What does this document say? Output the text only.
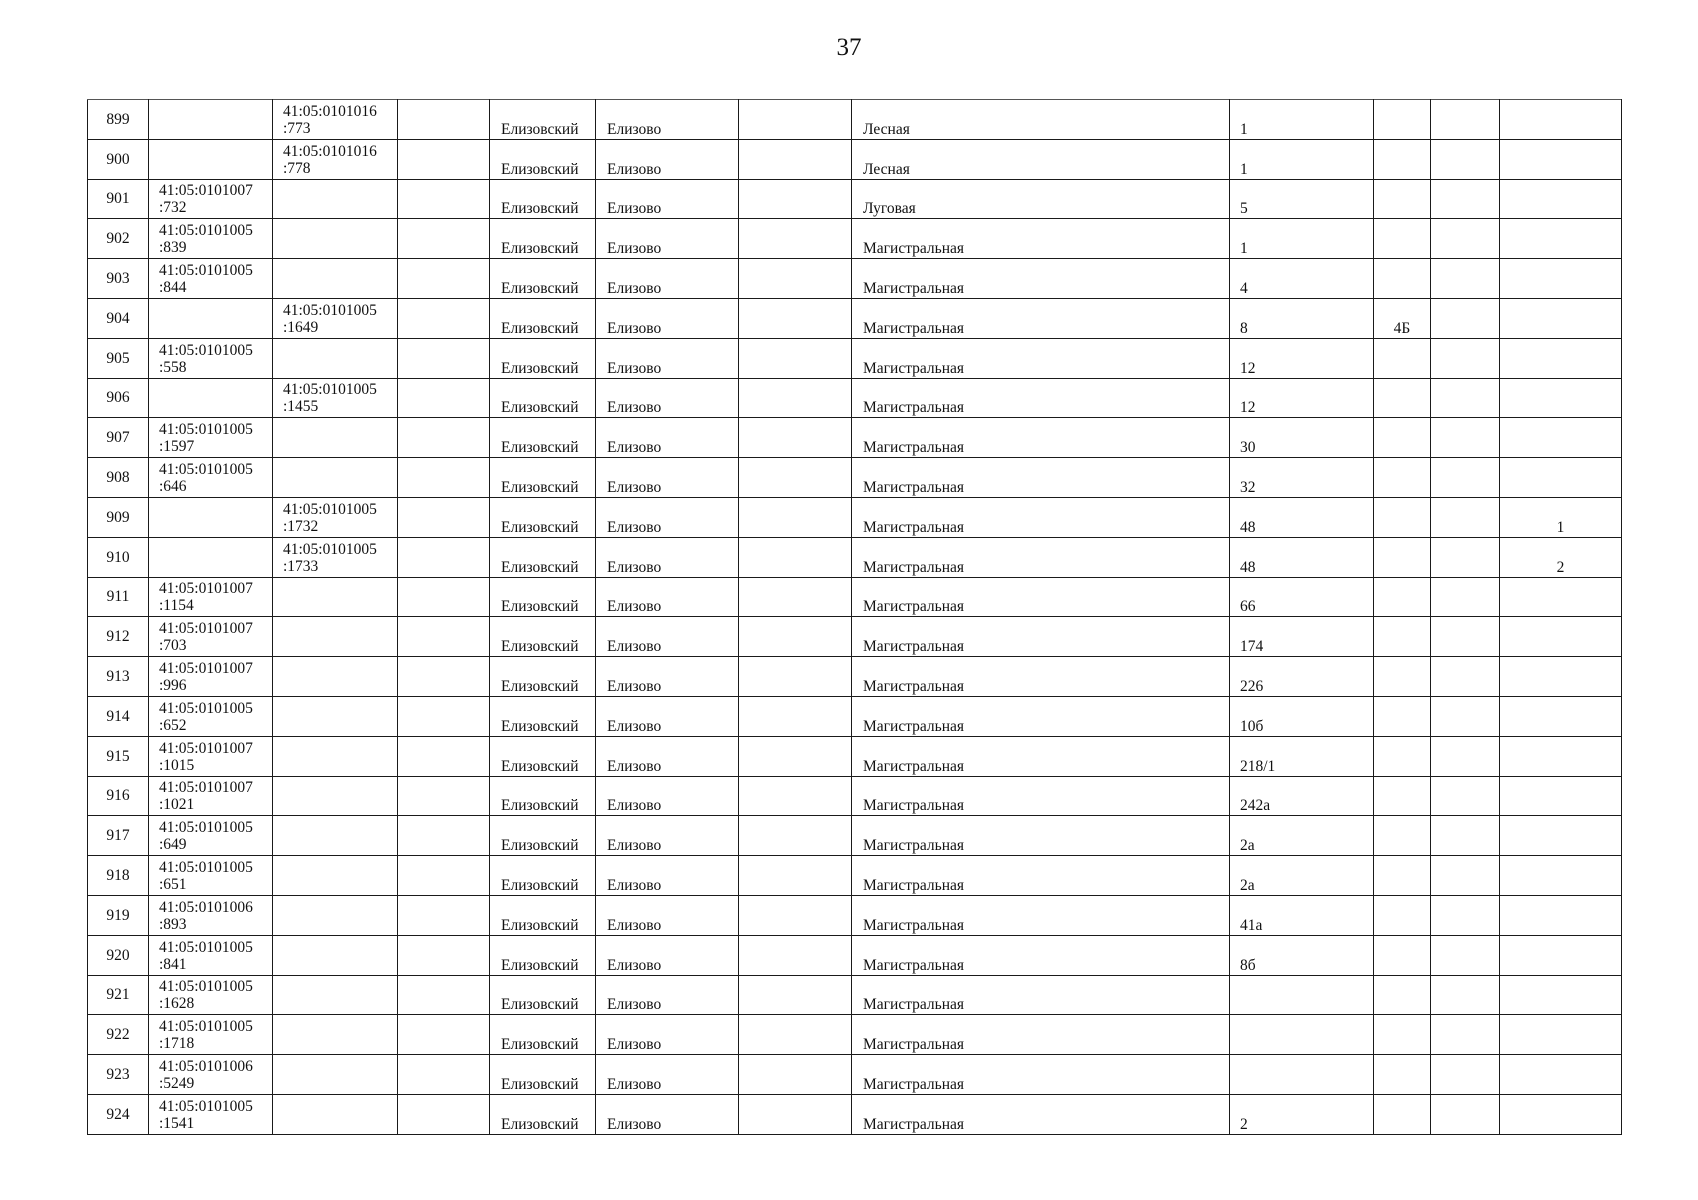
37
899		41:05:0101016
:773		Елизовский	Елизово		Лесная	1			
900		41:05:0101016
:778		Елизовский	Елизово		Лесная	1			
901	41:05:0101007
:732			Елизовский	Елизово		Луговая	5			
902	41:05:0101005
:839			Елизовский	Елизово		Магистральная	1			
903	41:05:0101005
:844			Елизовский	Елизово		Магистральная	4			
904		41:05:0101005
:1649		Елизовский	Елизово		Магистральная	8	4Б		
905	41:05:0101005
:558			Елизовский	Елизово		Магистральная	12			
906		41:05:0101005
:1455		Елизовский	Елизово		Магистральная	12			
907	41:05:0101005
:1597			Елизовский	Елизово		Магистральная	30			
908	41:05:0101005
:646			Елизовский	Елизово		Магистральная	32			
909		41:05:0101005
:1732		Елизовский	Елизово		Магистральная	48			1
910		41:05:0101005
:1733		Елизовский	Елизово		Магистральная	48			2
911	41:05:0101007
:1154			Елизовский	Елизово		Магистральная	66			
912	41:05:0101007
:703			Елизовский	Елизово		Магистральная	174			
913	41:05:0101007
:996			Елизовский	Елизово		Магистральная	226			
914	41:05:0101005
:652			Елизовский	Елизово		Магистральная	10б			
915	41:05:0101007
:1015			Елизовский	Елизово		Магистральная	218/1			
916	41:05:0101007
:1021			Елизовский	Елизово		Магистральная	242а			
917	41:05:0101005
:649			Елизовский	Елизово		Магистральная	2а			
918	41:05:0101005
:651			Елизовский	Елизово		Магистральная	2а			
919	41:05:0101006
:893			Елизовский	Елизово		Магистральная	41а			
920	41:05:0101005
:841			Елизовский	Елизово		Магистральная	8б			
921	41:05:0101005
:1628			Елизовский	Елизово		Магистральная				
922	41:05:0101005
:1718			Елизовский	Елизово		Магистральная				
923	41:05:0101006
:5249			Елизовский	Елизово		Магистральная				
924	41:05:0101005
:1541			Елизовский	Елизово		Магистральная	2			
